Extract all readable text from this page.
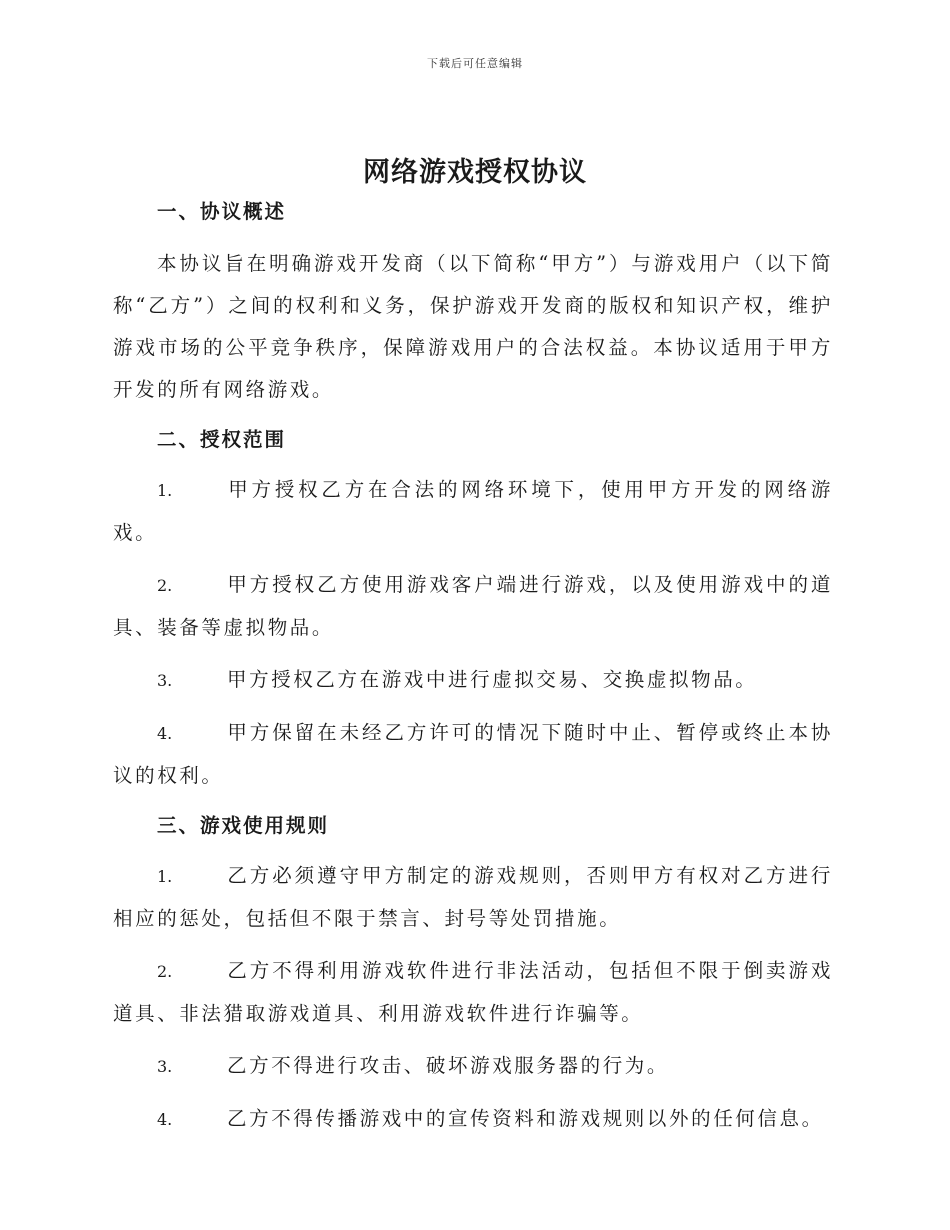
下载后可任意编辑
网络游戏授权协议

一、协议概述

本协议旨在明确游戏开发商（以下简称“甲方”）与游戏用户（以下简称“乙方”）之间的权利和义务，保护游戏开发商的版权和知识产权，维护游戏市场的公平竞争秩序，保障游戏用户的合法权益。本协议适用于甲方开发的所有网络游戏。

二、授权范围

1.	甲方授权乙方在合法的网络环境下，使用甲方开发的网络游戏。

2.	甲方授权乙方使用游戏客户端进行游戏，以及使用游戏中的道具、装备等虚拟物品。

3.	甲方授权乙方在游戏中进行虚拟交易、交换虚拟物品。

4.	甲方保留在未经乙方许可的情况下随时中止、暂停或终止本协议的权利。

三、游戏使用规则

1.	乙方必须遵守甲方制定的游戏规则，否则甲方有权对乙方进行相应的惩处，包括但不限于禁言、封号等处罚措施。

2.	乙方不得利用游戏软件进行非法活动，包括但不限于倒卖游戏道具、非法猎取游戏道具、利用游戏软件进行诈骗等。

3.	乙方不得进行攻击、破坏游戏服务器的行为。

4.	乙方不得传播游戏中的宣传资料和游戏规则以外的任何信息。
